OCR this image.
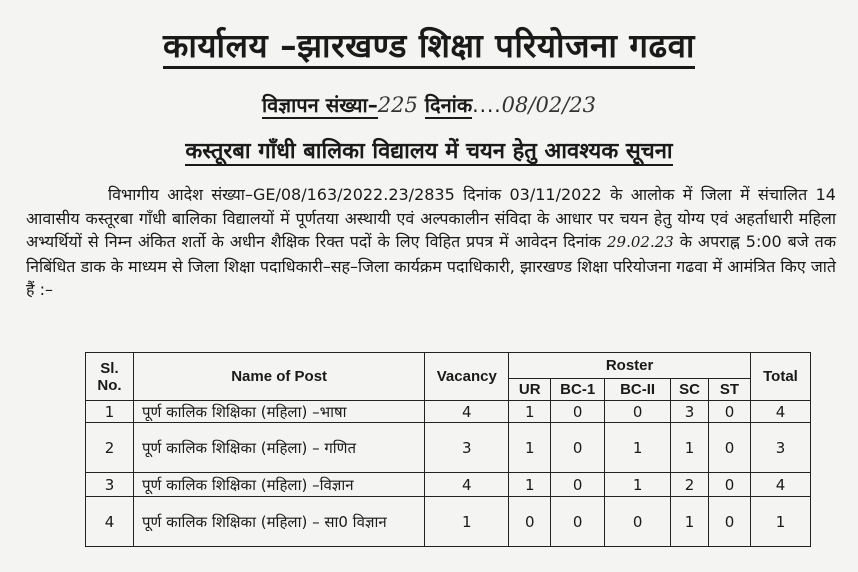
कार्यालय –झारखण्ड शिक्षा परियोजना गढवा
विज्ञापन संख्या–225 दिनांक....08/02/23
कस्तूरबा गाँधी बालिका विद्यालय में चयन हेतु आवश्यक सूचना
विभागीय आदेश संख्या–GE/08/163/2022.23/2835 दिनांक 03/11/2022 के आलोक में जिला में संचालित 14 आवासीय कस्तूरबा गाँधी बालिका विद्यालयों में पूर्णतया अस्थायी एवं अल्पकालीन संविदा के आधार पर चयन हेतु योग्य एवं अहर्ताधारी महिला अभ्यर्थियों से निम्न अंकित शर्तो के अधीन शैक्षिक रिक्त पदों के लिए विहित प्रपत्र में आवेदन दिनांक 29.02.23 के अपराह्न 5:00 बजे तक निबिंधित डाक के माध्यम से जिला शिक्षा पदाधिकारी–सह–जिला कार्यक्रम पदाधिकारी, झारखण्ड शिक्षा परियोजना गढवा में आमंत्रित किए जाते हैं :–
Sl. No.	Name of Post	Vacancy	Roster					Total
			UR	BC-1	BC-II	SC	ST	
1	पूर्ण कालिक शिक्षिका (महिला) –भाषा	4	1	0	0	3	0	4
2	पूर्ण कालिक शिक्षिका (महिला) – गणित	3	1	0	1	1	0	3
3	पूर्ण कालिक शिक्षिका (महिला) –विज्ञान	4	1	0	1	2	0	4
4	पूर्ण कालिक शिक्षिका (महिला) – सा0 विज्ञान	1	0	0	0	1	0	1
